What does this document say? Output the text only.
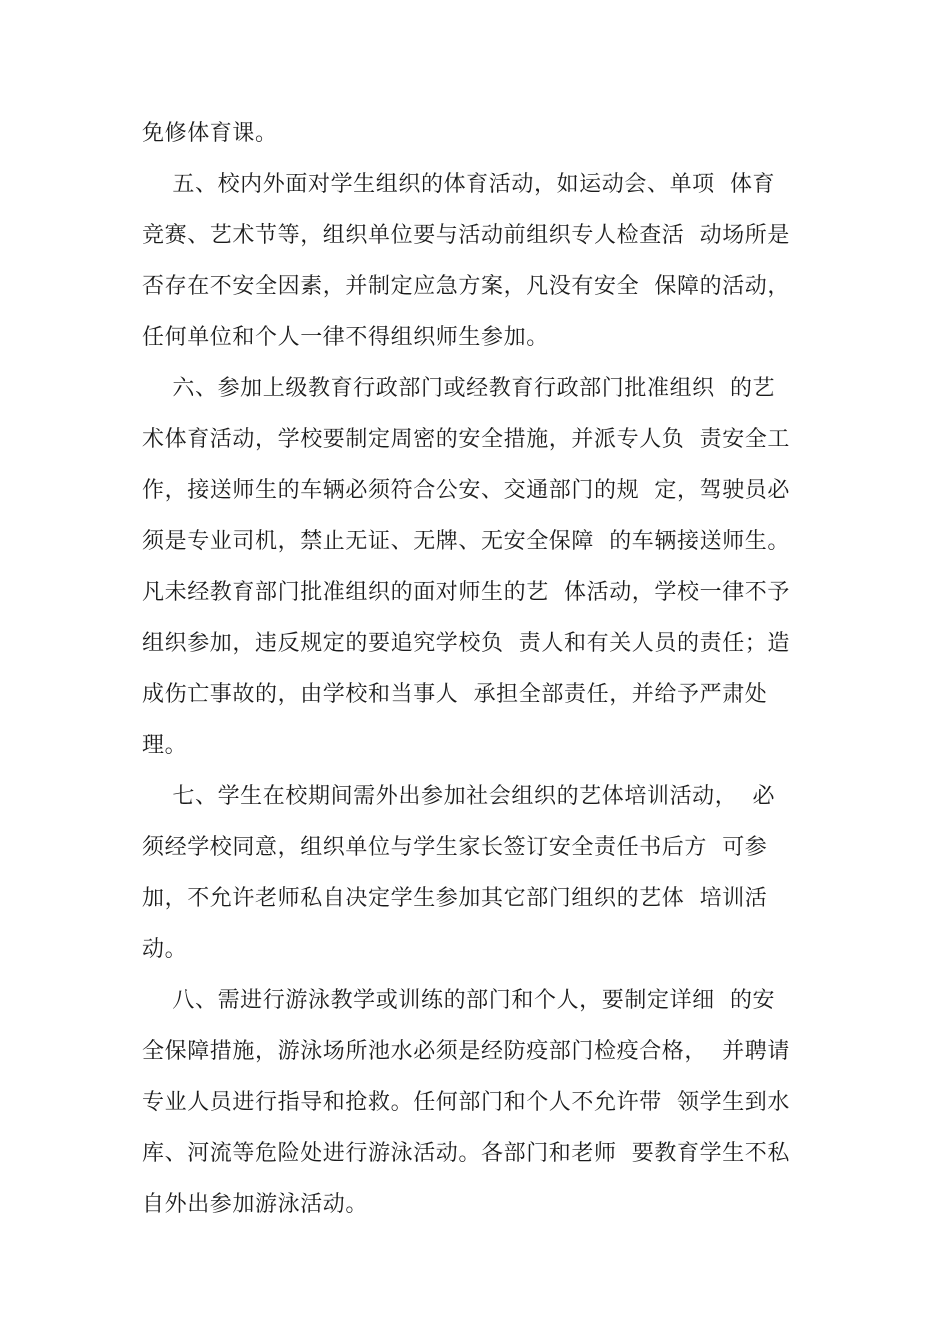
免修体育课。
五、校内外面对学生组织的体育活动，如运动会、单项  体育
竞赛、艺术节等，组织单位要与活动前组织专人检查活  动场所是
否存在不安全因素，并制定应急方案，凡没有安全  保障的活动，
任何单位和个人一律不得组织师生参加。
六、参加上级教育行政部门或经教育行政部门批准组织  的艺
术体育活动，学校要制定周密的安全措施，并派专人负  责安全工
作，接送师生的车辆必须符合公安、交通部门的规  定，驾驶员必
须是专业司机，禁止无证、无牌、无安全保障  的车辆接送师生。
凡未经教育部门批准组织的面对师生的艺  体活动，学校一律不予
组织参加，违反规定的要追究学校负  责人和有关人员的责任；造
成伤亡事故的，由学校和当事人  承担全部责任，并给予严肃处
理。
七、学生在校期间需外出参加社会组织的艺体培训活动，  必
须经学校同意，组织单位与学生家长签订安全责任书后方  可参
加，不允许老师私自决定学生参加其它部门组织的艺体  培训活
动。
八、需进行游泳教学或训练的部门和个人，要制定详细  的安
全保障措施，游泳场所池水必须是经防疫部门检疫合格，  并聘请
专业人员进行指导和抢救。任何部门和个人不允许带  领学生到水
库、河流等危险处进行游泳活动。各部门和老师  要教育学生不私
自外出参加游泳活动。
